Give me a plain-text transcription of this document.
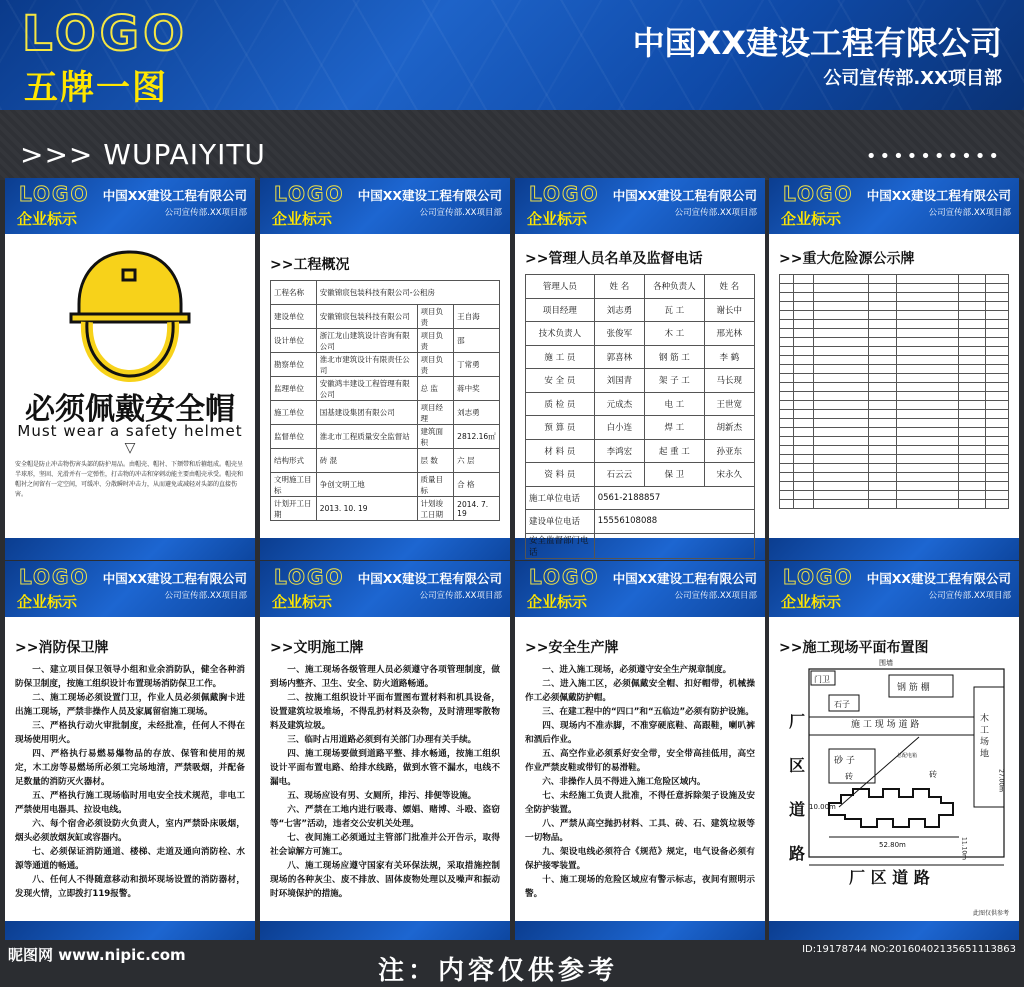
LOGO
五牌一图
中国XX建设工程有限公司
公司宣传部.XX项目部
>>> WUPAIYITU	••••••••••
LOGO
企业标示
中国XX建设工程有限公司
公司宣传部.XX项目部
必须佩戴安全帽
Must wear a safety helmet
▽
安全帽是防止冲击物伤害头部的防护用品。由帽壳、帽衬、下颏带和后箍组成。帽壳呈半球形，坚固、光滑并有一定弹性，打击物的冲击和穿刺动能主要由帽壳承受。帽壳和帽衬之间留有一定空间，可缓冲、分散瞬时冲击力，从而避免或减轻对头部的直接伤害。
LOGO
企业标示
中国XX建设工程有限公司
公司宣传部.XX项目部
>>工程概况
工程名称	安徽锦宸包装科技有限公司-公租房		
建设单位	安徽锦宸包装科技有限公司	项目负责	王自海
设计单位	浙江龙山建筑设计咨询有限公司	项目负责	邵
勘察单位	淮北市建筑设计有限责任公司	项目负责	丁常勇
监理单位	安徽鸿丰建设工程管理有限公司	总 监	蒋中奖
施工单位	国基建设集团有限公司	项目经理	刘志勇
监督单位	淮北市工程质量安全监督站	建筑面积	2812.16㎡
结构形式	砖 混	层 数	六 层
文明施工目标	争创文明工地	质量目标	合 格
计划开工日期	2013. 10. 19	计划竣工日期	2014. 7. 19
LOGO
企业标示
中国XX建设工程有限公司
公司宣传部.XX项目部
>>管理人员名单及监督电话
管理人员	姓 名	各种负责人	姓 名
项目经理	刘志勇	瓦 工	谢长中
技术负责人	张俊军	木 工	邢光林
施 工 员	郭喜林	钢 筋 工	李 鹤
安 全 员	刘国青	架 子 工	马长现
质 检 员	元成杰	电 工	王世宽
预 算 员	白小连	焊 工	胡新杰
材 料 员	李鸿宏	起 重 工	孙亚东
资 料 员	石云云	保 卫	宋永久
施工单位电话	0561-2188857		
建设单位电话	15556108088		
安全监督部门电话			
LOGO
企业标示
中国XX建设工程有限公司
公司宣传部.XX项目部
>>重大危险源公示牌

LOGO
企业标示
中国XX建设工程有限公司
公司宣传部.XX项目部
>>消防保卫牌

一、建立项目保卫领导小组和业余消防队，健全各种消防保卫制度，按施工组织设计布置现场消防保卫工作。

二、施工现场必须设置门卫，作业人员必须佩戴胸卡进出施工现场，严禁非操作人员及家属留宿施工现场。

三、严格执行动火审批制度，未经批准，任何人不得在现场使用明火。

四、严格执行易燃易爆物品的存放、保管和使用的规定，木工房等易燃场所必须工完场地清，严禁吸烟，并配备足数量的消防灭火器材。

五、严格执行施工现场临时用电安全技术规范，非电工严禁使用电器具、拉设电线。

六、每个宿舍必须设防火负责人，室内严禁卧床吸烟，烟头必须放烟灰缸或容器内。

七、必须保证消防通道、楼梯、走道及通向消防栓、水源等通道的畅通。

八、任何人不得随意移动和损坏现场设置的消防器材，发现火情，立即拨打119报警。

LOGO
企业标示
中国XX建设工程有限公司
公司宣传部.XX项目部
>>文明施工牌

一、施工现场各级管理人员必须遵守各项管理制度，做到场内整齐、卫生、安全、防火道路畅通。

二、按施工组织设计平面布置图布置材料和机具设备，设置建筑垃圾堆场，不得乱扔材料及杂物，及时清理零散物料及建筑垃圾。

三、临时占用道路必须到有关部门办理有关手续。

四、施工现场要做到道路平整、排水畅通，按施工组织设计平面布置电路、给排水线路，做到水管不漏水，电线不漏电。

五、现场应设有男、女厕所，排污、排便等设施。

六、严禁在工地内进行吸毒、嫖娼、赌博、斗殴、盗窃等“七害”活动，违者交公安机关处理。

七、夜间施工必须通过主管部门批准并公开告示，取得社会谅解方可施工。

八、施工现场应遵守国家有关环保法规，采取措施控制现场的各种灰尘、废不排放、固体废物处理以及噪声和振动时环境保护的措施。

LOGO
企业标示
中国XX建设工程有限公司
公司宣传部.XX项目部
>>安全生产牌

一、进入施工现场，必须遵守安全生产规章制度。

二、进入施工区，必须佩戴安全帽、扣好帽带，机械操作工必须佩戴防护帽。

三、在建工程中的“四口”和“五临边”必须有防护设施。

四、现场内不准赤脚，不准穿硬底鞋、高跟鞋，喇叭裤和酒后作业。

五、高空作业必须系好安全带，安全带高挂低用，高空作业严禁皮鞋或带钉的易滑鞋。

六、非操作人员不得进入施工危险区域内。

七、未经施工负责人批准，不得任意拆除架子设施及安全防护装置。

八、严禁从高空抛扔材料、工具、砖、石、建筑垃圾等一切物品。

九、架设电线必须符合《规范》规定，电气设备必须有保护接零装置。

十、施工现场的危险区域应有警示标志，夜间有照明示警。

LOGO
企业标示
中国XX建设工程有限公司
公司宣传部.XX项目部
>>施工现场平面布置图
围墙
门卫
钢 筋 棚
石子
施 工 现 场 道 路	木 工 场 地
27.00m
砂 子
砖	砖
总配电箱
10.00m
11.10m
52.80m
厂
区
道
路
厂 区 道 路
此图仅供参考
昵图网 www.nipic.com	ID:19178744 NO:20160402135651113863
注：内容仅供参考
